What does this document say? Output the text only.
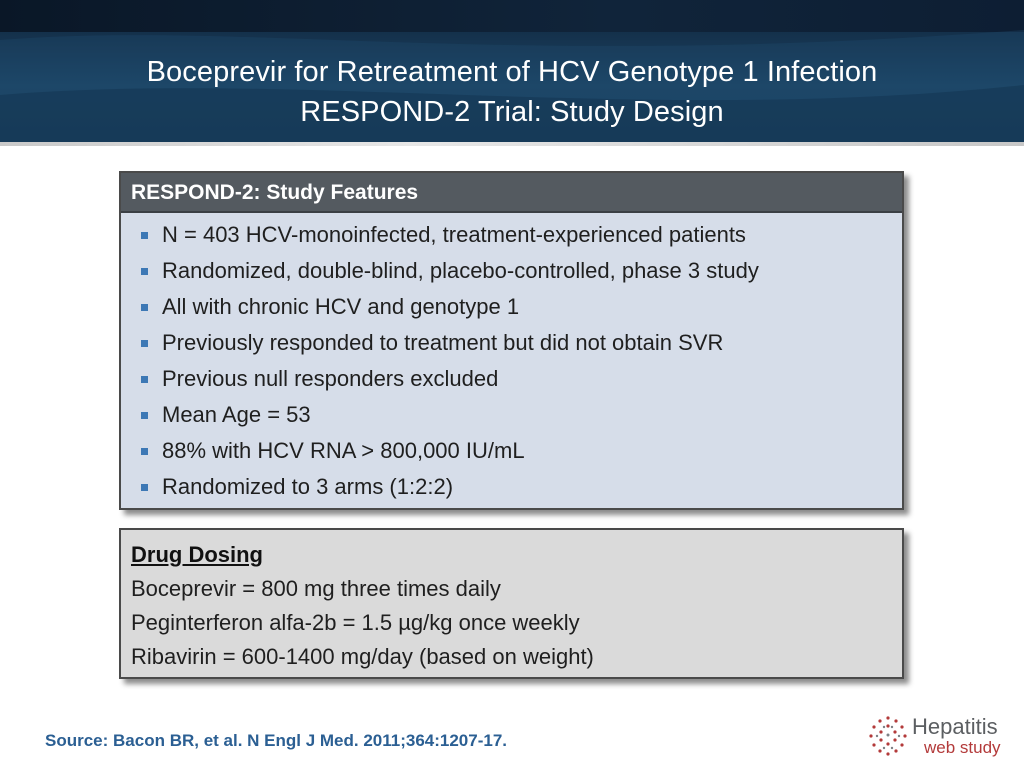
Boceprevir for Retreatment of HCV Genotype 1 Infection
RESPOND-2 Trial: Study Design
RESPOND-2: Study Features
N = 403 HCV-monoinfected, treatment-experienced patients
Randomized, double-blind, placebo-controlled, phase 3 study
All with chronic HCV and genotype 1
Previously responded to treatment but did not obtain SVR
Previous null responders excluded
Mean Age = 53
88% with HCV RNA > 800,000 IU/mL
Randomized to 3 arms (1:2:2)
Drug Dosing
Boceprevir = 800 mg three times daily
Peginterferon alfa-2b = 1.5 µg/kg once weekly
Ribavirin = 600-1400 mg/day (based on weight)
Source: Bacon BR, et al. N Engl J Med. 2011;364:1207-17.
Hepatitis
web study
